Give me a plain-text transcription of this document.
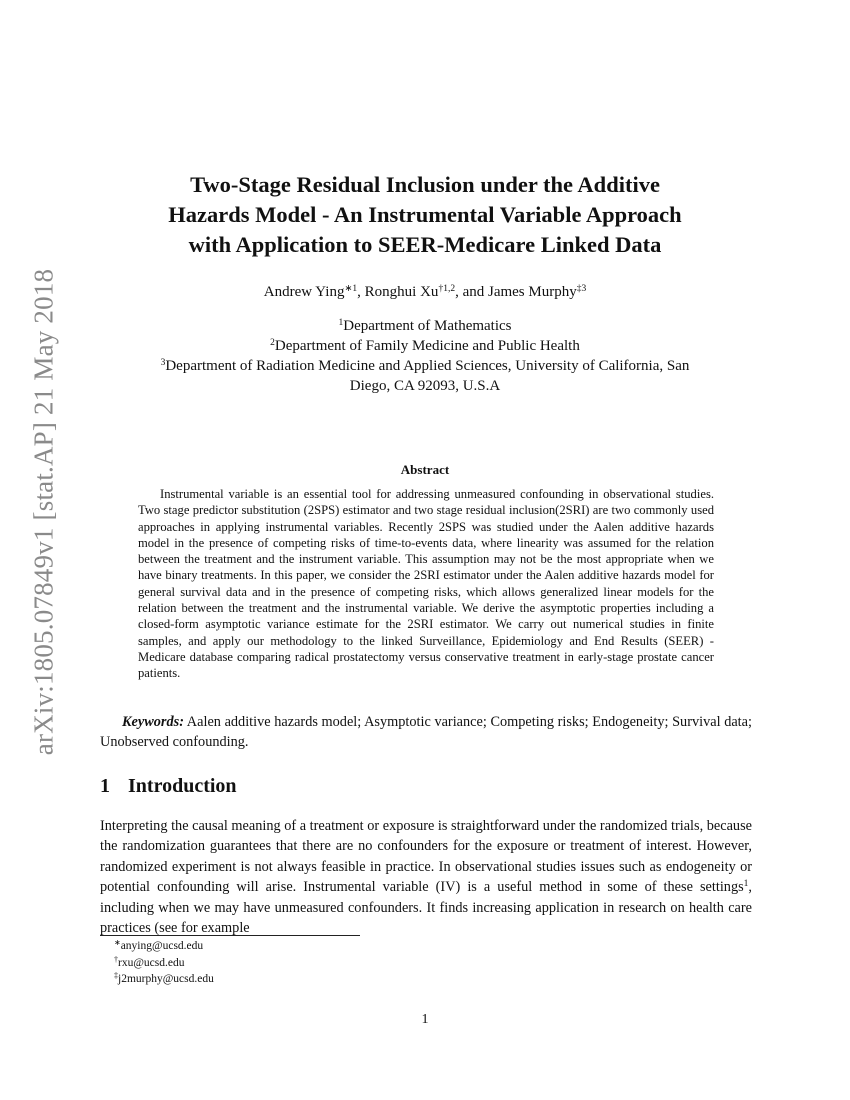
arXiv:1805.07849v1 [stat.AP] 21 May 2018
Two-Stage Residual Inclusion under the Additive
Hazards Model - An Instrumental Variable Approach
with Application to SEER-Medicare Linked Data
Andrew Ying$^{∗1}$, Ronghui Xu$^{\dagger 1,2}$, and James Murphy$^{\ddagger 3}$
$^1$Department of Mathematics
$^2$Department of Family Medicine and Public Health
$^3$Department of Radiation Medicine and Applied Sciences, University of California, San
Diego, CA 92093, U.S.A
Abstract
Instrumental variable is an essential tool for addressing unmeasured confounding in observational studies. Two stage predictor substitution (2SPS) estimator and two stage residual inclusion(2SRI) are two commonly used approaches in applying instrumental variables. Recently 2SPS was studied under the Aalen additive hazards model in the presence of competing risks of time-to-events data, where linearity was assumed for the relation between the treatment and the instrument variable. This assumption may not be the most appropriate when we have binary treatments. In this paper, we consider the 2SRI estimator under the Aalen additive hazards model for general survival data and in the presence of competing risks, which allows generalized linear models for the relation between the treatment and the instrumental variable. We derive the asymptotic properties including a closed-form asymptotic variance estimate for the 2SRI estimator. We carry out numerical studies in finite samples, and apply our methodology to the linked Surveillance, Epidemiology and End Results (SEER) - Medicare database comparing radical prostatectomy versus conservative treatment in early-stage prostate cancer patients.
Keywords: Aalen additive hazards model; Asymptotic variance; Competing risks; Endogeneity; Survival data; Unobserved confounding.
1 Introduction
Interpreting the causal meaning of a treatment or exposure is straightforward under the randomized trials, because the randomization guarantees that there are no confounders for the exposure or treatment of interest. However, randomized experiment is not always feasible in practice. In observational studies issues such as endogeneity or potential confounding will arise. Instrumental variable (IV) is a useful method in some of these settings$^1$, including when we may have unmeasured confounders. It finds increasing application in research on health care practices (see for example
∗anying@ucsd.edu
†rxu@ucsd.edu
‡j2murphy@ucsd.edu
1
